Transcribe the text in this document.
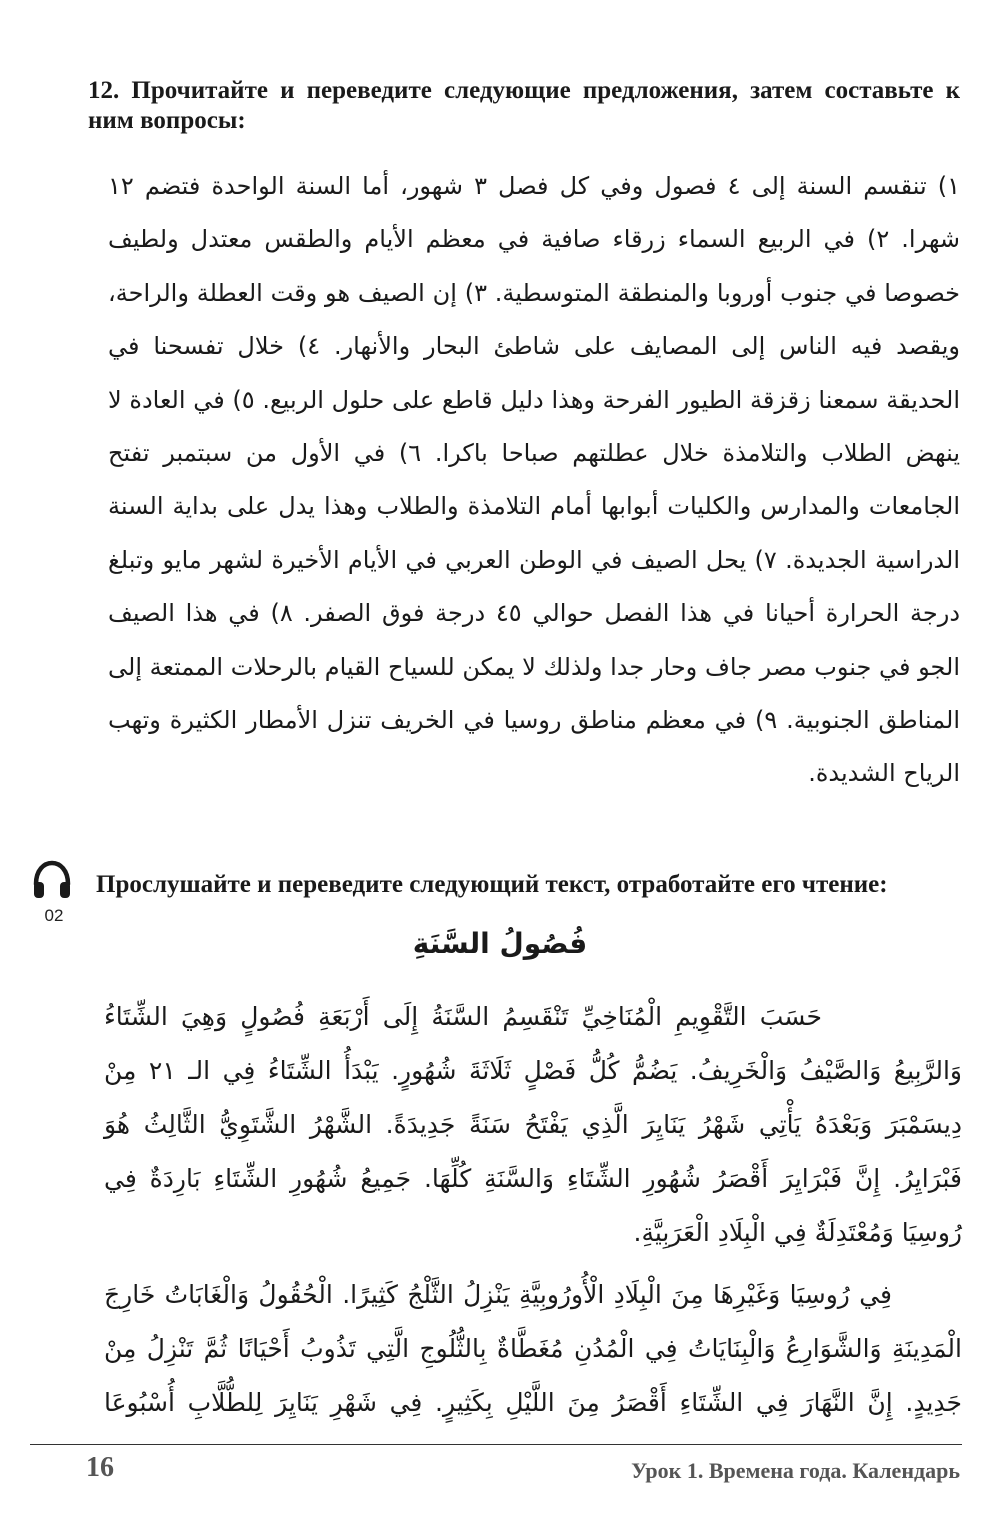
12. Прочитайте и переведите следующие предложения, затем составьте к ним вопросы:
١) تنقسم السنة إلى ٤ فصول وفي كل فصل ٣ شهور، أما السنة الواحدة فتضم ١٢ شهرا. ٢) في الربيع السماء زرقاء صافية في معظم الأيام والطقس معتدل ولطيف خصوصا في جنوب أوروبا والمنطقة المتوسطية. ٣) إن الصيف هو وقت العطلة والراحة، ويقصد فيه الناس إلى المصايف على شاطئ البحار والأنهار. ٤) خلال تفسحنا في الحديقة سمعنا زقزقة الطيور الفرحة وهذا دليل قاطع على حلول الربيع. ٥) في العادة لا ينهض الطلاب والتلامذة خلال عطلتهم صباحا باكرا. ٦) في الأول من سبتمبر تفتح الجامعات والمدارس والكليات أبوابها أمام التلامذة والطلاب وهذا يدل على بداية السنة الدراسية الجديدة. ٧) يحل الصيف في الوطن العربي في الأيام الأخيرة لشهر مايو وتبلغ درجة الحرارة أحيانا في هذا الفصل حوالي ٤٥ درجة فوق الصفر. ٨) في هذا الصيف الجو في جنوب مصر جاف وحار جدا ولذلك لا يمكن للسياح القيام بالرحلات الممتعة إلى المناطق الجنوبية. ٩) في معظم مناطق روسيا في الخريف تنزل الأمطار الكثيرة وتهب الرياح الشديدة.
02
Прослушайте и переведите следующий текст, отработайте его чтение:
فُصُولُ السَّنَةِ
حَسَبَ التَّقْوِيمِ الْمُنَاخِيِّ تَنْقَسِمُ السَّنَةُ إِلَى أَرْبَعَةِ فُصُولٍ وَهِيَ الشِّتَاءُ وَالرَّبِيعُ وَالصَّيْفُ وَالْخَرِيفُ. يَضُمُّ كُلُّ فَصْلٍ ثَلَاثَةَ شُهُورٍ. يَبْدَأُ الشِّتَاءُ فِي الـ ٢١ مِنْ دِيسَمْبَرَ وَبَعْدَهُ يَأْتِي شَهْرُ يَنَايِرَ الَّذِي يَفْتَحُ سَنَةً جَدِيدَةً. الشَّهْرُ الشَّتَوِيُّ الثَّالِثُ هُوَ فَبْرَايِرُ. إِنَّ فَبْرَايِرَ أَقْصَرُ شُهُورِ الشِّتَاءِ وَالسَّنَةِ كُلِّهَا. جَمِيعُ شُهُورِ الشِّتَاءِ بَارِدَةٌ فِي رُوسِيَا وَمُعْتَدِلَةٌ فِي الْبِلَادِ الْعَرَبِيَّةِ.
فِي رُوسِيَا وَغَيْرِهَا مِنَ الْبِلَادِ الْأُورُوبِيَّةِ يَنْزِلُ الثَّلْجُ كَثِيرًا. الْحُقُولُ وَالْغَابَاتُ خَارِجَ الْمَدِينَةِ وَالشَّوَارِعُ وَالْبِنَايَاتُ فِي الْمُدُنِ مُغَطَّاةٌ بِالثُّلُوجِ الَّتِي تَذُوبُ أَحْيَانًا ثُمَّ تَنْزِلُ مِنْ جَدِيدٍ. إِنَّ النَّهَارَ فِي الشِّتَاءِ أَقْصَرُ مِنَ اللَّيْلِ بِكَثِيرٍ. فِي شَهْرِ يَنَايِرَ لِلطُّلَّابِ أُسْبُوعَا
16	Урок 1. Времена года. Календарь
